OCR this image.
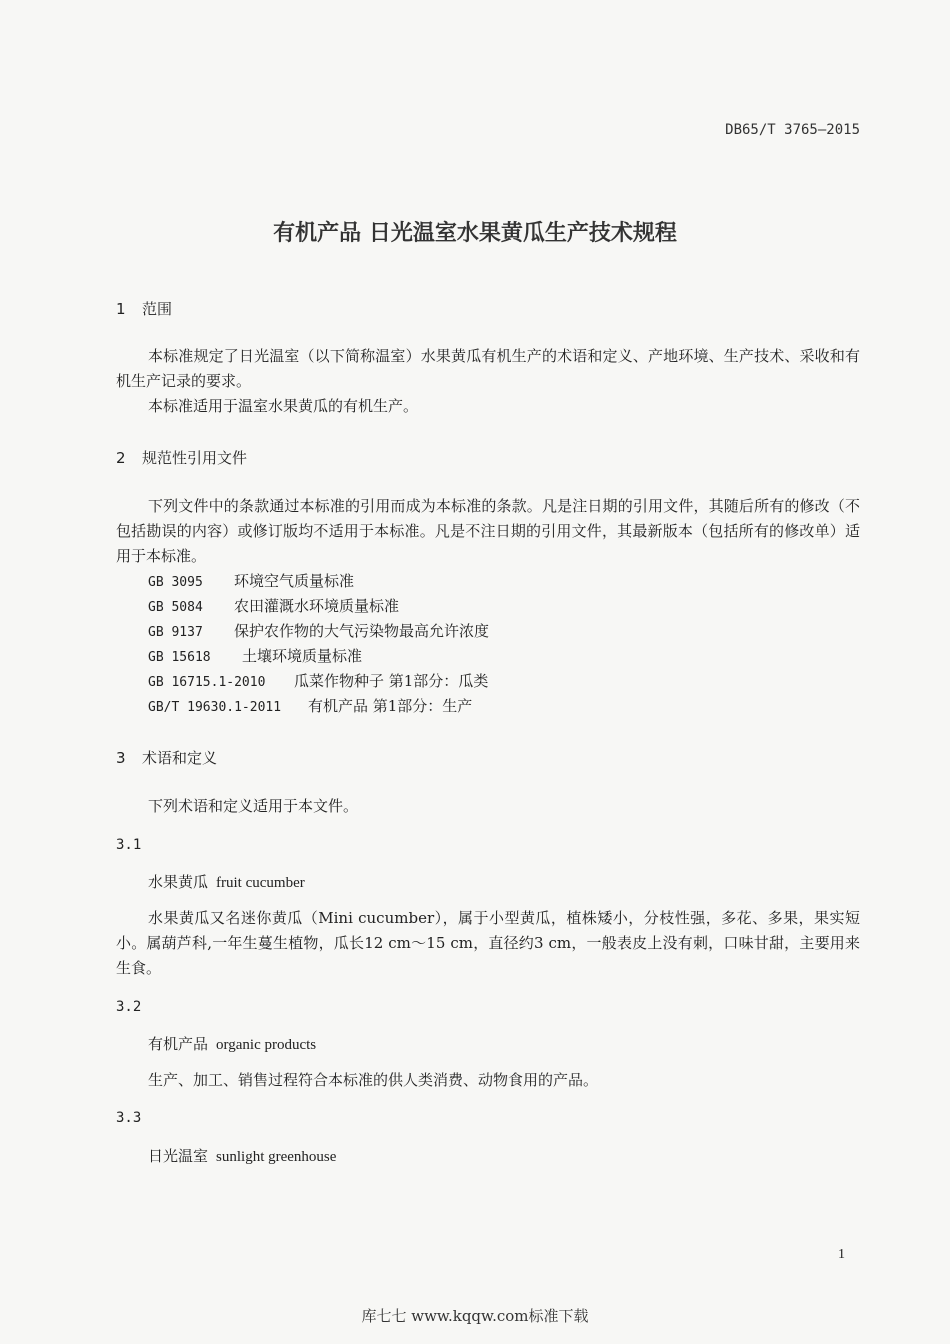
DB65/T 3765—2015
有机产品 日光温室水果黄瓜生产技术规程
1 范围

本标准规定了日光温室（以下简称温室）水果黄瓜有机生产的术语和定义、产地环境、生产技术、采收和有机生产记录的要求。

本标准适用于温室水果黄瓜的有机生产。

2 规范性引用文件

下列文件中的条款通过本标准的引用而成为本标准的条款。凡是注日期的引用文件，其随后所有的修改（不包括勘误的内容）或修订版均不适用于本标准。凡是不注日期的引用文件，其最新版本（包括所有的修改单）适用于本标准。

GB 3095 环境空气质量标准
GB 5084 农田灌溉水环境质量标准
GB 9137 保护农作物的大气污染物最高允许浓度
GB 15618 土壤环境质量标准
GB 16715.1-2010 瓜菜作物种子 第1部分：瓜类
GB/T 19630.1-2011 有机产品 第1部分：生产
3 术语和定义

下列术语和定义适用于本文件。

3.1
水果黄瓜 fruit cucumber

水果黄瓜又名迷你黄瓜（Mini cucumber），属于小型黄瓜，植株矮小，分枝性强，多花、多果，果实短小。属葫芦科,一年生蔓生植物，瓜长12 cm～15 cm，直径约3 cm，一般表皮上没有刺，口味甘甜，主要用来生食。

3.2
有机产品 organic products

生产、加工、销售过程符合本标准的供人类消费、动物食用的产品。

3.3
日光温室 sunlight greenhouse
1
库七七 www.kqqw.com标准下载
